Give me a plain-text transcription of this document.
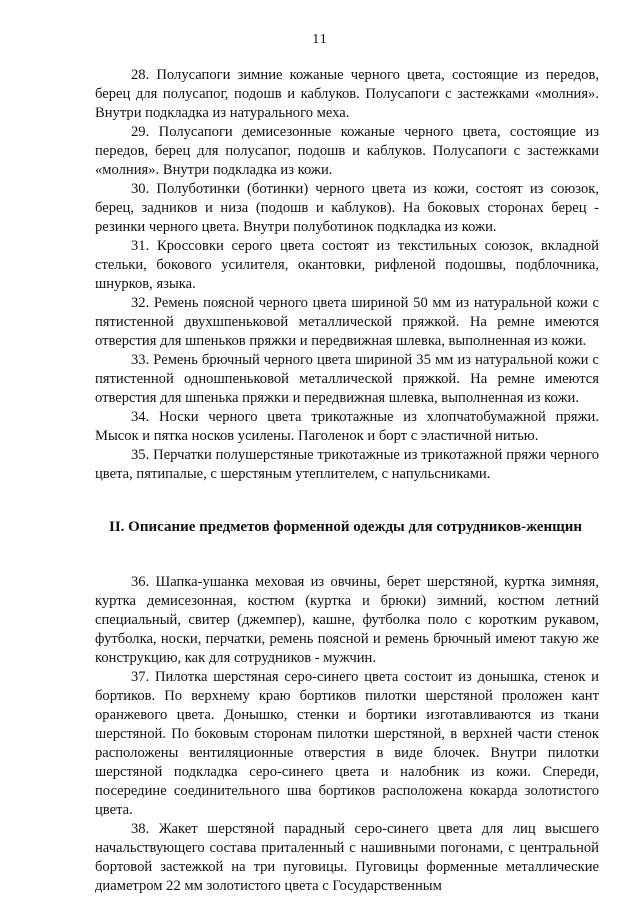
11

28. Полусапоги зимние кожаные черного цвета, состоящие из передов, берец для полусапог, подошв и каблуков. Полусапоги с застежками «молния». Внутри подкладка из натурального меха.

29. Полусапоги демисезонные кожаные черного цвета, состоящие из передов, берец для полусапог, подошв и каблуков. Полусапоги с застежками «молния». Внутри подкладка из кожи.

30. Полуботинки (ботинки) черного цвета из кожи, состоят из союзок, берец, задников и низа (подошв и каблуков). На боковых сторонах берец - резинки черного цвета. Внутри полуботинок подкладка из кожи.

31. Кроссовки серого цвета состоят из текстильных союзок, вкладной стельки, бокового усилителя, окантовки, рифленой подошвы, подблочника, шнурков, языка.

32. Ремень поясной черного цвета шириной 50 мм из натуральной кожи с пятистенной двухшпеньковой металлической пряжкой. На ремне имеются отверстия для шпеньков пряжки и передвижная шлевка, выполненная из кожи.

33. Ремень брючный черного цвета шириной 35 мм из натуральной кожи с пятистенной одношпеньковой металлической пряжкой. На ремне имеются отверстия для шпенька пряжки и передвижная шлевка, выполненная из кожи.

34. Носки черного цвета трикотажные из хлопчатобумажной пряжи. Мысок и пятка носков усилены. Паголенок и борт с эластичной нитью.

35. Перчатки полушерстяные трикотажные из трикотажной пряжи черного цвета, пятипалые, с шерстяным утеплителем, с напульсниками.

II. Описание предметов форменной одежды для сотрудников-женщин

36. Шапка-ушанка меховая из овчины, берет шерстяной, куртка зимняя, куртка демисезонная, костюм (куртка и брюки) зимний, костюм летний специальный, свитер (джемпер), кашне, футболка поло с коротким рукавом, футболка, носки, перчатки, ремень поясной и ремень брючный имеют такую же конструкцию, как для сотрудников - мужчин.

37. Пилотка шерстяная серо-синего цвета состоит из донышка, стенок и бортиков. По верхнему краю бортиков пилотки шерстяной проложен кант оранжевого цвета. Донышко, стенки и бортики изготавливаются из ткани шерстяной. По боковым сторонам пилотки шерстяной, в верхней части стенок расположены вентиляционные отверстия в виде блочек. Внутри пилотки шерстяной подкладка серо-синего цвета и налобник из кожи. Спереди, посередине соединительного шва бортиков расположена кокарда золотистого цвета.

38. Жакет шерстяной парадный серо-синего цвета для лиц высшего начальствующего состава приталенный с нашивными погонами, с центральной бортовой застежкой на три пуговицы. Пуговицы форменные металлические диаметром 22 мм золотистого цвета с Государственным
